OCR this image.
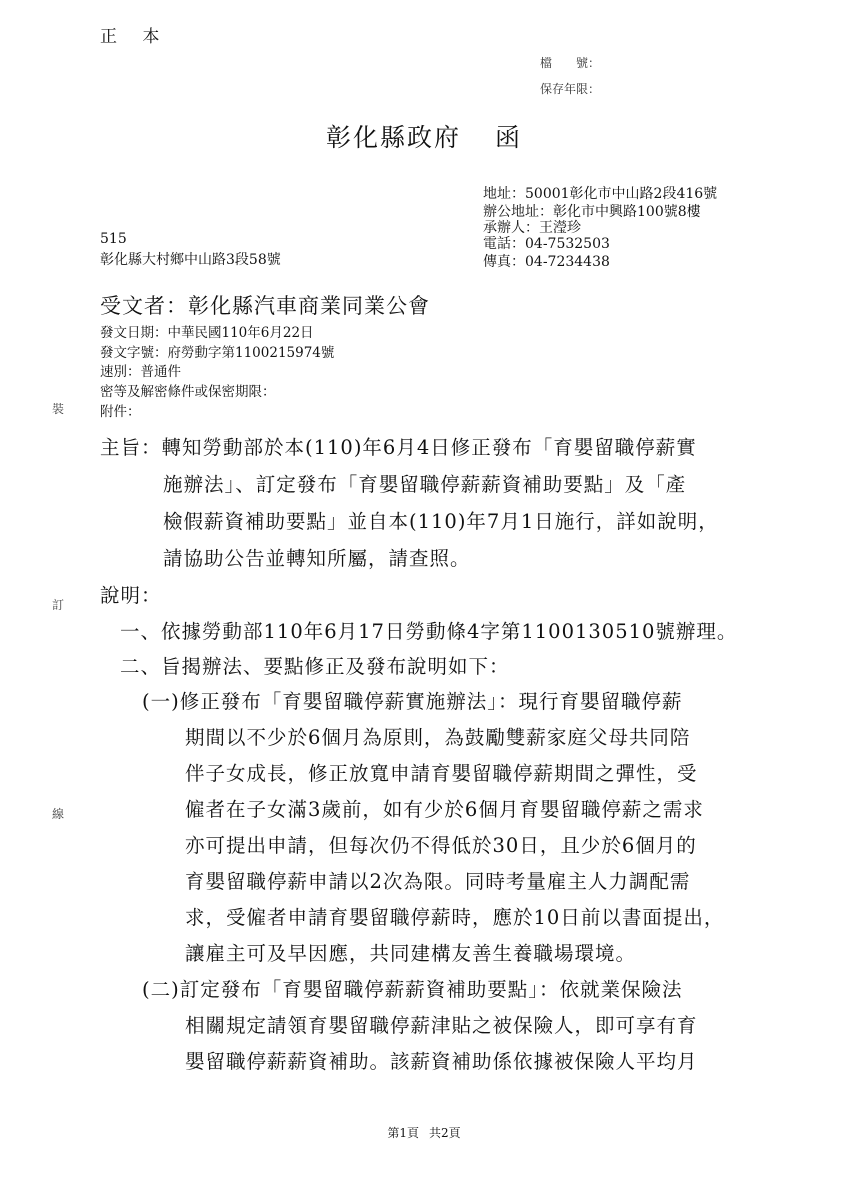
正 本
檔　　號：
保存年限：
彰化縣政府 函
地址：50001彰化市中山路2段416號
辦公地址：彰化市中興路100號8樓
承辦人：王瀅珍
電話：04-7532503
傳真：04-7234438
515
彰化縣大村鄉中山路3段58號
受文者：彰化縣汽車商業同業公會
發文日期：中華民國110年6月22日
發文字號：府勞動字第1100215974號
速別：普通件
密等及解密條件或保密期限：
附件：
裝
訂
線
主旨：轉知勞動部於本(110)年6月4日修正發布「育嬰留職停薪實
施辦法」、訂定發布「育嬰留職停薪薪資補助要點」及「產
檢假薪資補助要點」並自本(110)年7月1日施行，詳如說明，
請協助公告並轉知所屬，請查照。
說明：
一、依據勞動部110年6月17日勞動條4字第1100130510號辦理。
二、旨揭辦法、要點修正及發布說明如下：
(一)修正發布「育嬰留職停薪實施辦法」：現行育嬰留職停薪
期間以不少於6個月為原則，為鼓勵雙薪家庭父母共同陪
伴子女成長，修正放寬申請育嬰留職停薪期間之彈性，受
僱者在子女滿3歲前，如有少於6個月育嬰留職停薪之需求
亦可提出申請，但每次仍不得低於30日，且少於6個月的
育嬰留職停薪申請以2次為限。同時考量雇主人力調配需
求，受僱者申請育嬰留職停薪時，應於10日前以書面提出，
讓雇主可及早因應，共同建構友善生養職場環境。
(二)訂定發布「育嬰留職停薪薪資補助要點」：依就業保險法
相關規定請領育嬰留職停薪津貼之被保險人，即可享有育
嬰留職停薪薪資補助。該薪資補助係依據被保險人平均月
第1頁 共2頁
